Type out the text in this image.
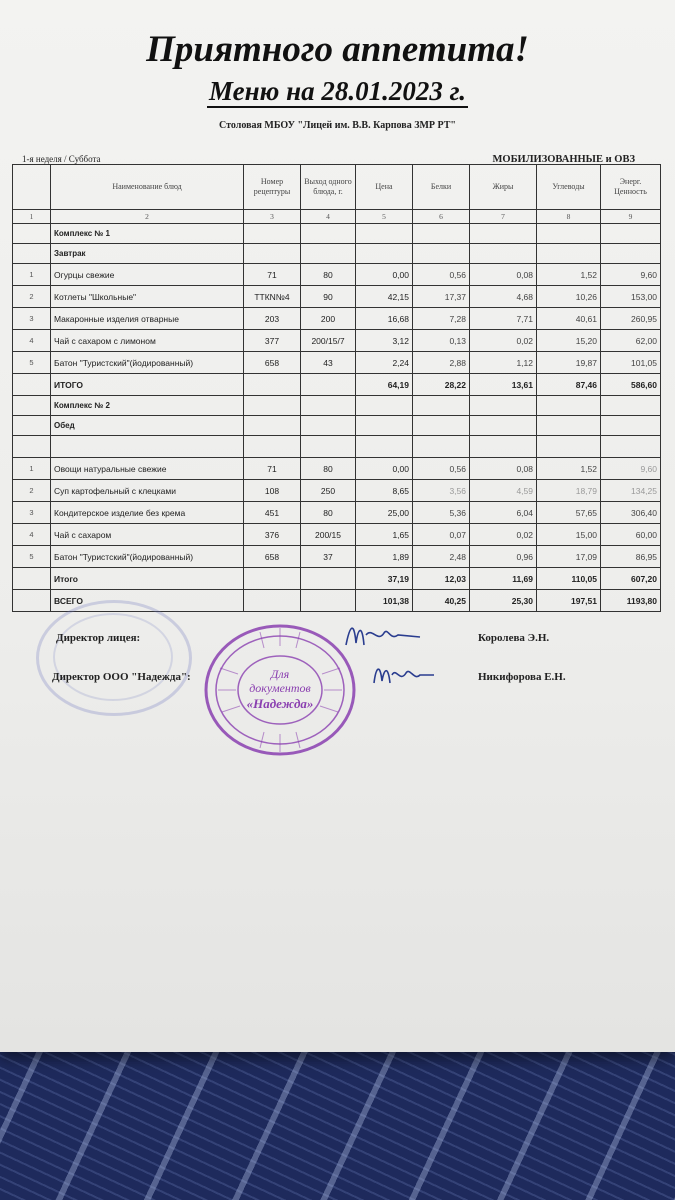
Приятного аппетита!
Меню на 28.01.2023 г.
Столовая МБОУ "Лицей им. В.В. Карпова ЗМР РТ"
1-я неделя / Суббота	МОБИЛИЗОВАННЫЕ и ОВЗ
	Наименование блюд	Номер рецептуры	Выход одного блюда, г.	Цена	Белки	Жиры	Углеводы	Энерг. Ценность
1	2	3	4	5	6	7	8	9
	Комплекс № 1							
	Завтрак							
1	Огурцы свежие	71	80	0,00	0,56	0,08	1,52	9,60
2	Котлеты "Школьные"	ТТКN№4	90	42,15	17,37	4,68	10,26	153,00
3	Макаронные изделия отварные	203	200	16,68	7,28	7,71	40,61	260,95
4	Чай с сахаром с лимоном	377	200/15/7	3,12	0,13	0,02	15,20	62,00
5	Батон "Туристский"(йодированный)	658	43	2,24	2,88	1,12	19,87	101,05
	ИТОГО			64,19	28,22	13,61	87,46	586,60
	Комплекс № 2							
	Обед							

1	Овощи натуральные свежие	71	80	0,00	0,56	0,08	1,52	9,60
2	Суп картофельный с клецками	108	250	8,65	3,56	4,59	18,79	134,25
3	Кондитерское изделие без крема	451	80	25,00	5,36	6,04	57,65	306,40
4	Чай с сахаром	376	200/15	1,65	0,07	0,02	15,00	60,00
5	Батон "Туристский"(йодированный)	658	37	1,89	2,48	0,96	17,09	86,95
	Итого			37,19	12,03	11,69	110,05	607,20
	ВСЕГО			101,38	40,25	25,30	197,51	1193,80
Для
документов
«Надежда»
Директор лицея:	Королева Э.Н.
Директор ООО "Надежда":	Никифорова Е.Н.
